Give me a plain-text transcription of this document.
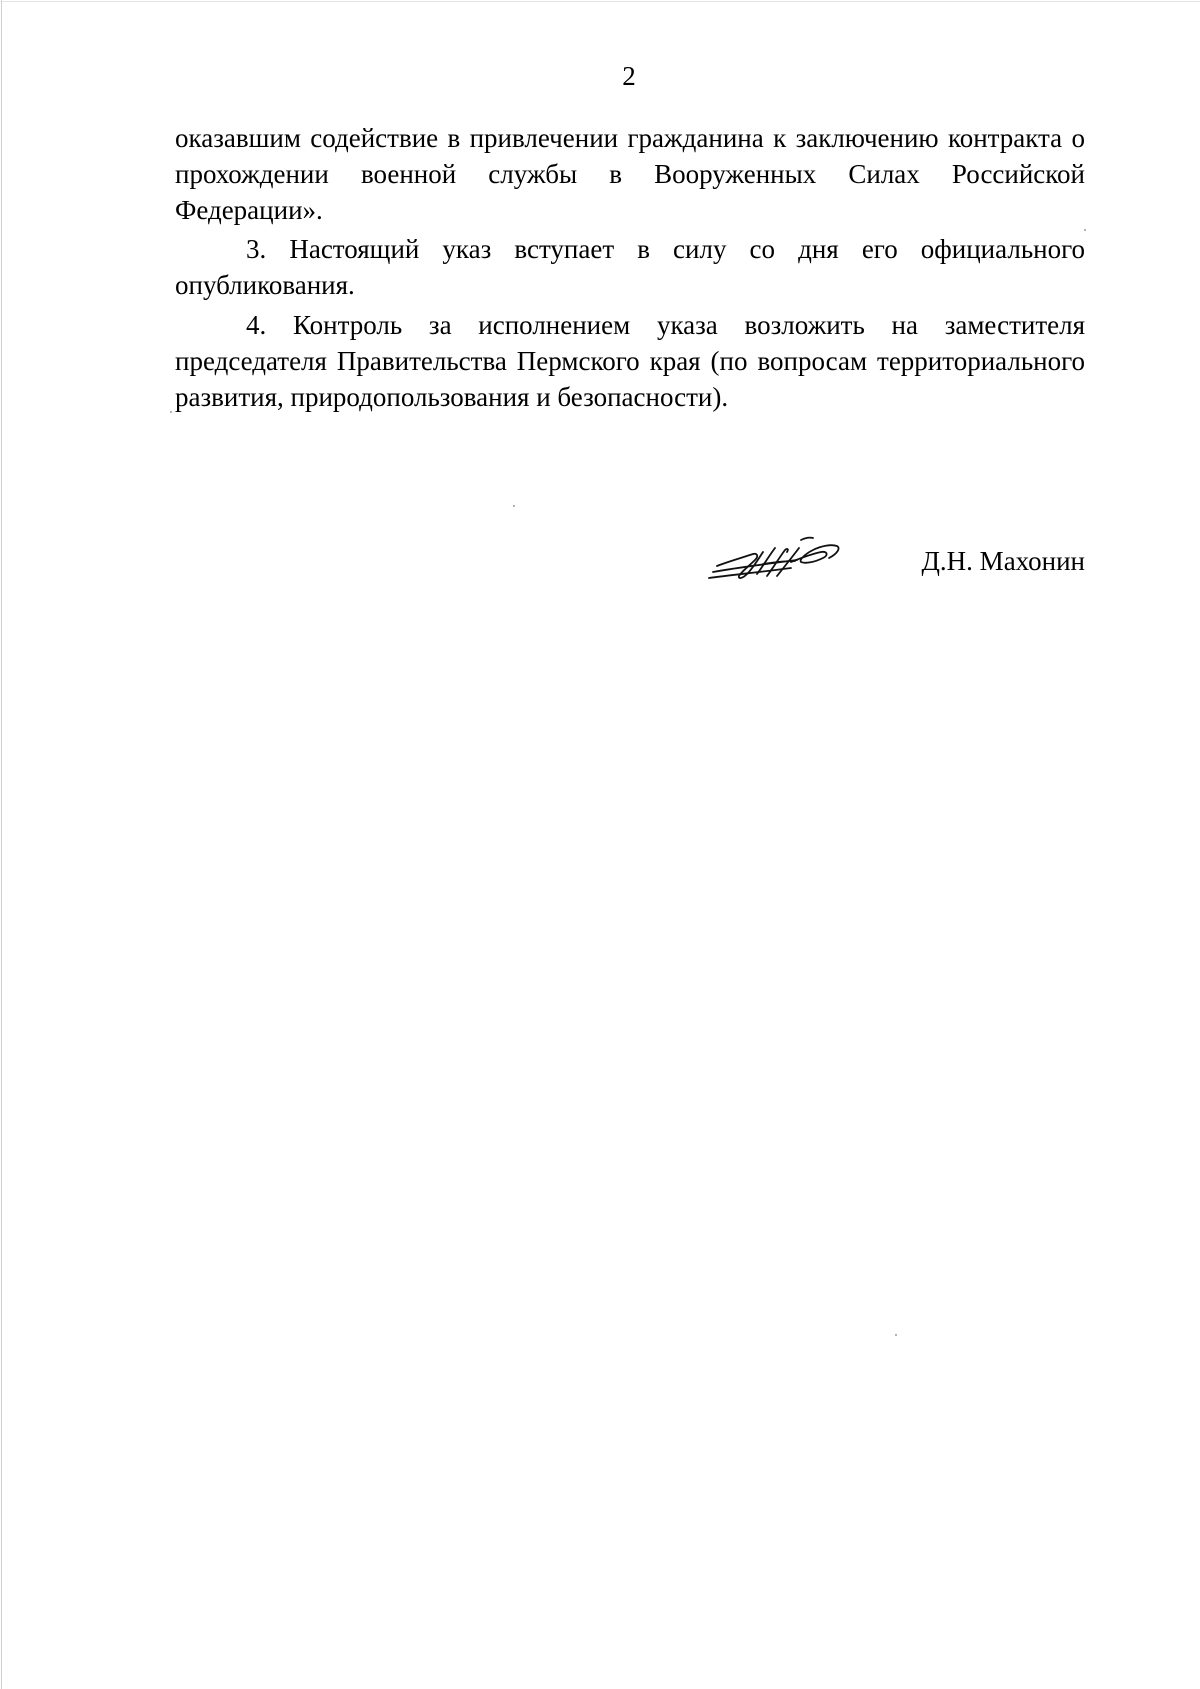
2

оказавшим содействие в привлечении гражданина к заключению контракта о прохождении военной службы в Вооруженных Силах Российской Федерации».

3. Настоящий указ вступает в силу со дня его официального опубликования.

4. Контроль за исполнением указа возложить на заместителя председателя Правительства Пермского края (по вопросам территориального развития, природопользования и безопасности).

Д.Н. Махонин
